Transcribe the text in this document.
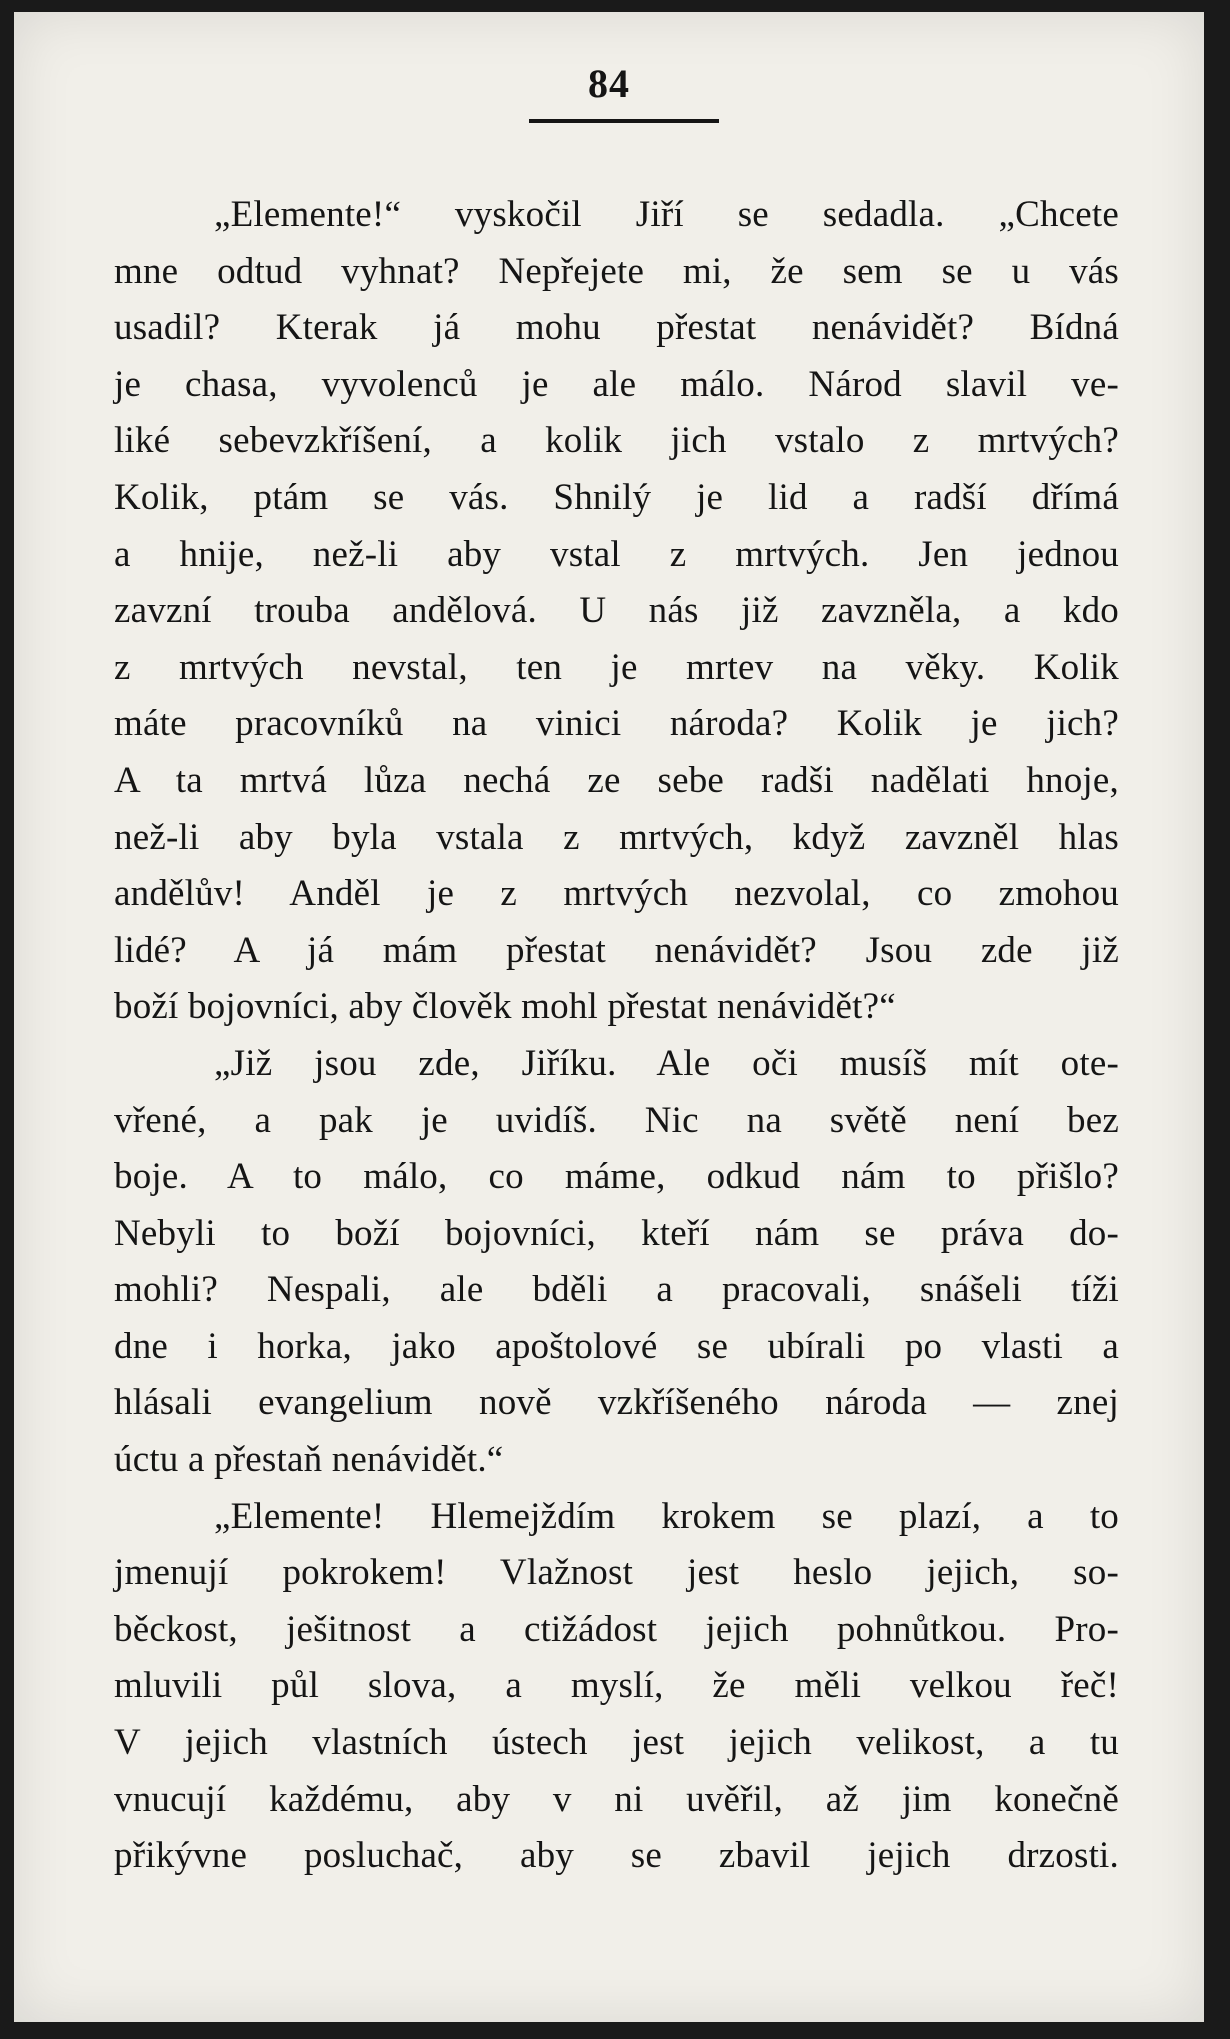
84
„Elemente!“ vyskočil Jiří se sedadla. „Chcete
mne odtud vyhnat? Nepřejete mi, že sem se u vás
usadil? Kterak já mohu přestat nenávidět? Bídná
je chasa, vyvolenců je ale málo. Národ slavil ve-
liké sebevzkříšení, a kolik jich vstalo z mrtvých?
Kolik, ptám se vás. Shnilý je lid a radší dřímá
a hnije, než-li aby vstal z mrtvých. Jen jednou
zavzní trouba andělová. U nás již zavzněla, a kdo
z mrtvých nevstal, ten je mrtev na věky. Kolik
máte pracovníků na vinici národa? Kolik je jich?
A ta mrtvá lůza nechá ze sebe radši nadělati hnoje,
než-li aby byla vstala z mrtvých, když zavzněl hlas
andělův! Anděl je z mrtvých nezvolal, co zmohou
lidé? A já mám přestat nenávidět? Jsou zde již
boží bojovníci, aby člověk mohl přestat nenávidět?“
„Již jsou zde, Jiříku. Ale oči musíš mít ote-
vřené, a pak je uvidíš. Nic na světě není bez
boje. A to málo, co máme, odkud nám to přišlo?
Nebyli to boží bojovníci, kteří nám se práva do-
mohli? Nespali, ale bděli a pracovali, snášeli tíži
dne i horka, jako apoštolové se ubírali po vlasti a
hlásali evangelium nově vzkříšeného národa — znej
úctu a přestaň nenávidět.“
„Elemente! Hlemejždím krokem se plazí, a to
jmenují pokrokem! Vlažnost jest heslo jejich, so-
běckost, ješitnost a ctižádost jejich pohnůtkou. Pro-
mluvili půl slova, a myslí, že měli velkou řeč!
V jejich vlastních ústech jest jejich velikost, a tu
vnucují každému, aby v ni uvěřil, až jim konečně
přikývne posluchač, aby se zbavil jejich drzosti.
